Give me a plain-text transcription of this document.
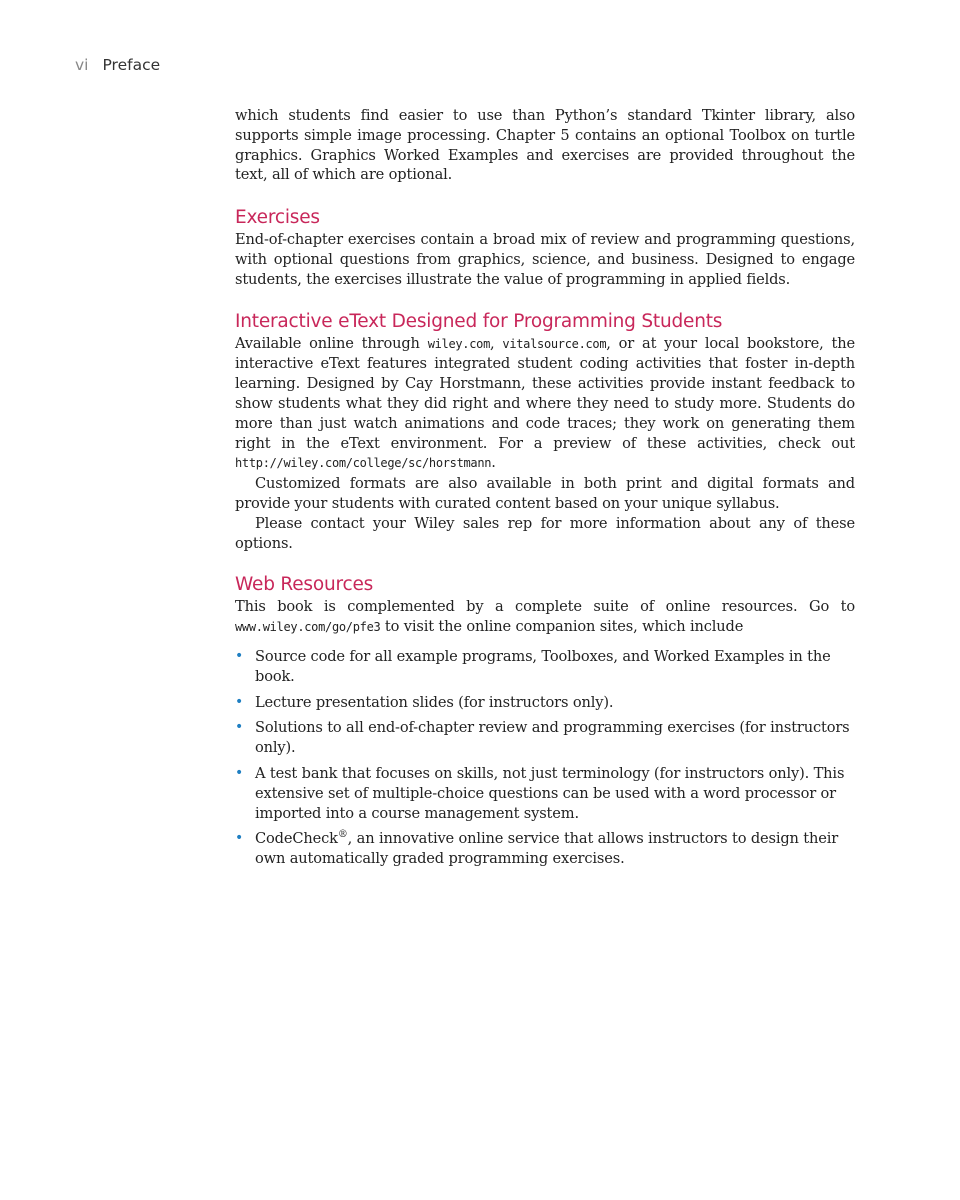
vi Preface

which students find easier to use than Python’s standard Tkinter library, also supports simple image processing. Chapter 5 contains an optional Toolbox on turtle graphics. Graphics Worked Examples and exercises are provided throughout the text, all of which are optional.

Exercises

End-of-chapter exercises contain a broad mix of review and programming questions, with optional questions from graphics, science, and business. Designed to engage students, the exercises illustrate the value of programming in applied fields.

Interactive eText Designed for Programming Students

Available online through wiley.com, vitalsource.com, or at your local bookstore, the interactive eText features integrated student coding activities that foster in-depth learning. Designed by Cay Horstmann, these activities provide instant feedback to show students what they did right and where they need to study more. Students do more than just watch animations and code traces; they work on generating them right in the eText environment. For a preview of these activities, check out http://wiley.com/college/sc/horstmann.

Customized formats are also available in both print and digital formats and provide your students with curated content based on your unique syllabus.

Please contact your Wiley sales rep for more information about any of these options.

Web Resources

This book is complemented by a complete suite of online resources. Go to www.wiley.com/go/pfe3 to visit the online companion sites, which include

• Source code for all example programs, Toolboxes, and Worked Examples in the book.
• Lecture presentation slides (for instructors only).
• Solutions to all end-of-chapter review and programming exercises (for instructors only).
• A test bank that focuses on skills, not just terminology (for instructors only). This extensive set of multiple-choice questions can be used with a word processor or imported into a course management system.
• CodeCheck®, an innovative online service that allows instructors to design their own automatically graded programming exercises.
